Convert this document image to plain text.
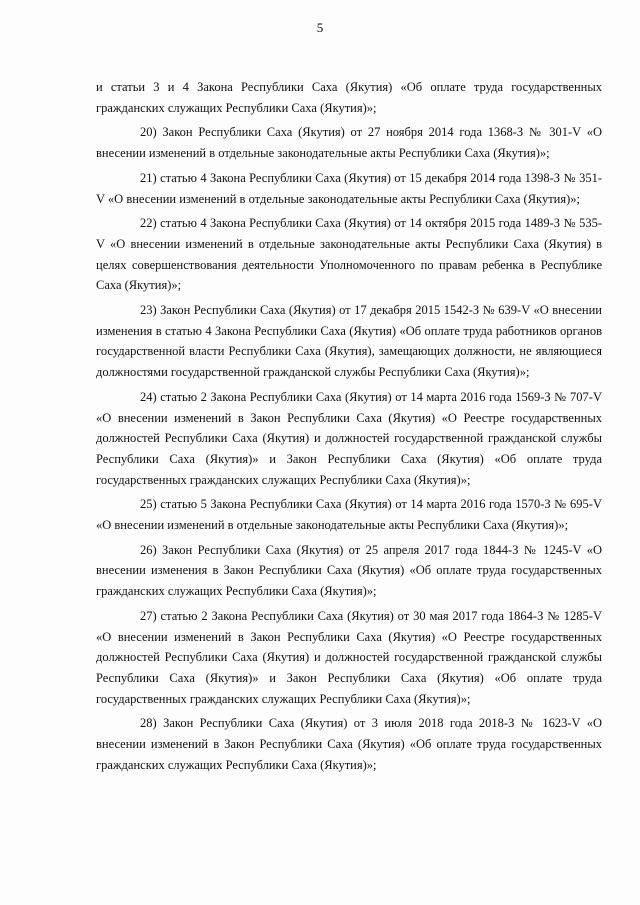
5

и статьи 3 и 4 Закона Республики Саха (Якутия) «Об оплате труда государственных гражданских служащих Республики Саха (Якутия)»;

20) Закон Республики Саха (Якутия) от 27 ноября 2014 года 1368-З № 301-V «О внесении изменений в отдельные законодательные акты Республики Саха (Якутия)»;

21) статью 4 Закона Республики Саха (Якутия) от 15 декабря 2014 года 1398-З № 351-V «О внесении изменений в отдельные законодательные акты Республики Саха (Якутия)»;

22) статью 4 Закона Республики Саха (Якутия) от 14 октября 2015 года 1489-З № 535-V «О внесении изменений в отдельные законодательные акты Республики Саха (Якутия) в целях совершенствования деятельности Уполномоченного по правам ребенка в Республике Саха (Якутия)»;

23) Закон Республики Саха (Якутия) от 17 декабря 2015 1542-З № 639-V «О внесении изменения в статью 4 Закона Республики Саха (Якутия) «Об оплате труда работников органов государственной власти Республики Саха (Якутия), замещающих должности, не являющиеся должностями государственной гражданской службы Республики Саха (Якутия)»;

24) статью 2 Закона Республики Саха (Якутия) от 14 марта 2016 года 1569-З № 707-V «О внесении изменений в Закон Республики Саха (Якутия) «О Реестре государственных должностей Республики Саха (Якутия) и должностей государственной гражданской службы Республики Саха (Якутия)» и Закон Республики Саха (Якутия) «Об оплате труда государственных гражданских служащих Республики Саха (Якутия)»;

25) статью 5 Закона Республики Саха (Якутия) от 14 марта 2016 года 1570-З № 695-V «О внесении изменений в отдельные законодательные акты Республики Саха (Якутия)»;

26) Закон Республики Саха (Якутия) от 25 апреля 2017 года 1844-З № 1245-V «О внесении изменения в Закон Республики Саха (Якутия) «Об оплате труда государственных гражданских служащих Республики Саха (Якутия)»;

27) статью 2 Закона Республики Саха (Якутия) от 30 мая 2017 года 1864-З № 1285-V «О внесении изменений в Закон Республики Саха (Якутия) «О Реестре государственных должностей Республики Саха (Якутия) и должностей государственной гражданской службы Республики Саха (Якутия)» и Закон Республики Саха (Якутия) «Об оплате труда государственных гражданских служащих Республики Саха (Якутия)»;

28) Закон Республики Саха (Якутия) от 3 июля 2018 года 2018-З № 1623-V «О внесении изменений в Закон Республики Саха (Якутия) «Об оплате труда государственных гражданских служащих Республики Саха (Якутия)»;
